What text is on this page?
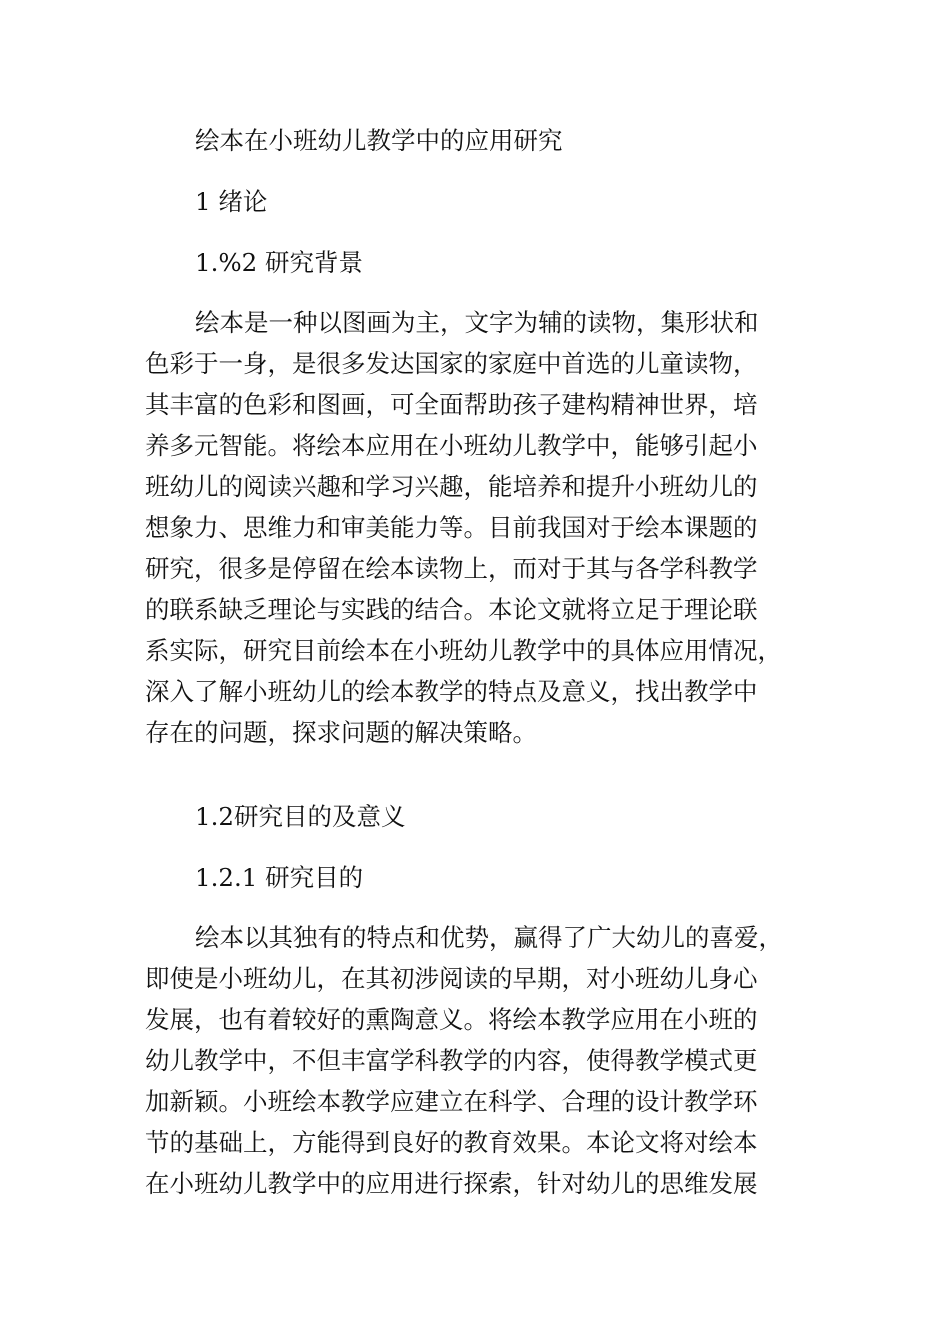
绘本在小班幼儿教学中的应用研究
1 绪论
1.%2 研究背景
绘本是一种以图画为主，文字为辅的读物，集形状和
色彩于一身，是很多发达国家的家庭中首选的儿童读物，
其丰富的色彩和图画，可全面帮助孩子建构精神世界，培
养多元智能。将绘本应用在小班幼儿教学中，能够引起小
班幼儿的阅读兴趣和学习兴趣，能培养和提升小班幼儿的
想象力、思维力和审美能力等。目前我国对于绘本课题的
研究，很多是停留在绘本读物上，而对于其与各学科教学
的联系缺乏理论与实践的结合。本论文就将立足于理论联
系实际，研究目前绘本在小班幼儿教学中的具体应用情况，
深入了解小班幼儿的绘本教学的特点及意义，找出教学中
存在的问题，探求问题的解决策略。
1.2研究目的及意义
1.2.1 研究目的
绘本以其独有的特点和优势，赢得了广大幼儿的喜爱，
即使是小班幼儿，在其初涉阅读的早期，对小班幼儿身心
发展，也有着较好的熏陶意义。将绘本教学应用在小班的
幼儿教学中，不但丰富学科教学的内容，使得教学模式更
加新颖。小班绘本教学应建立在科学、合理的设计教学环
节的基础上，方能得到良好的教育效果。本论文将对绘本
在小班幼儿教学中的应用进行探索，针对幼儿的思维发展
